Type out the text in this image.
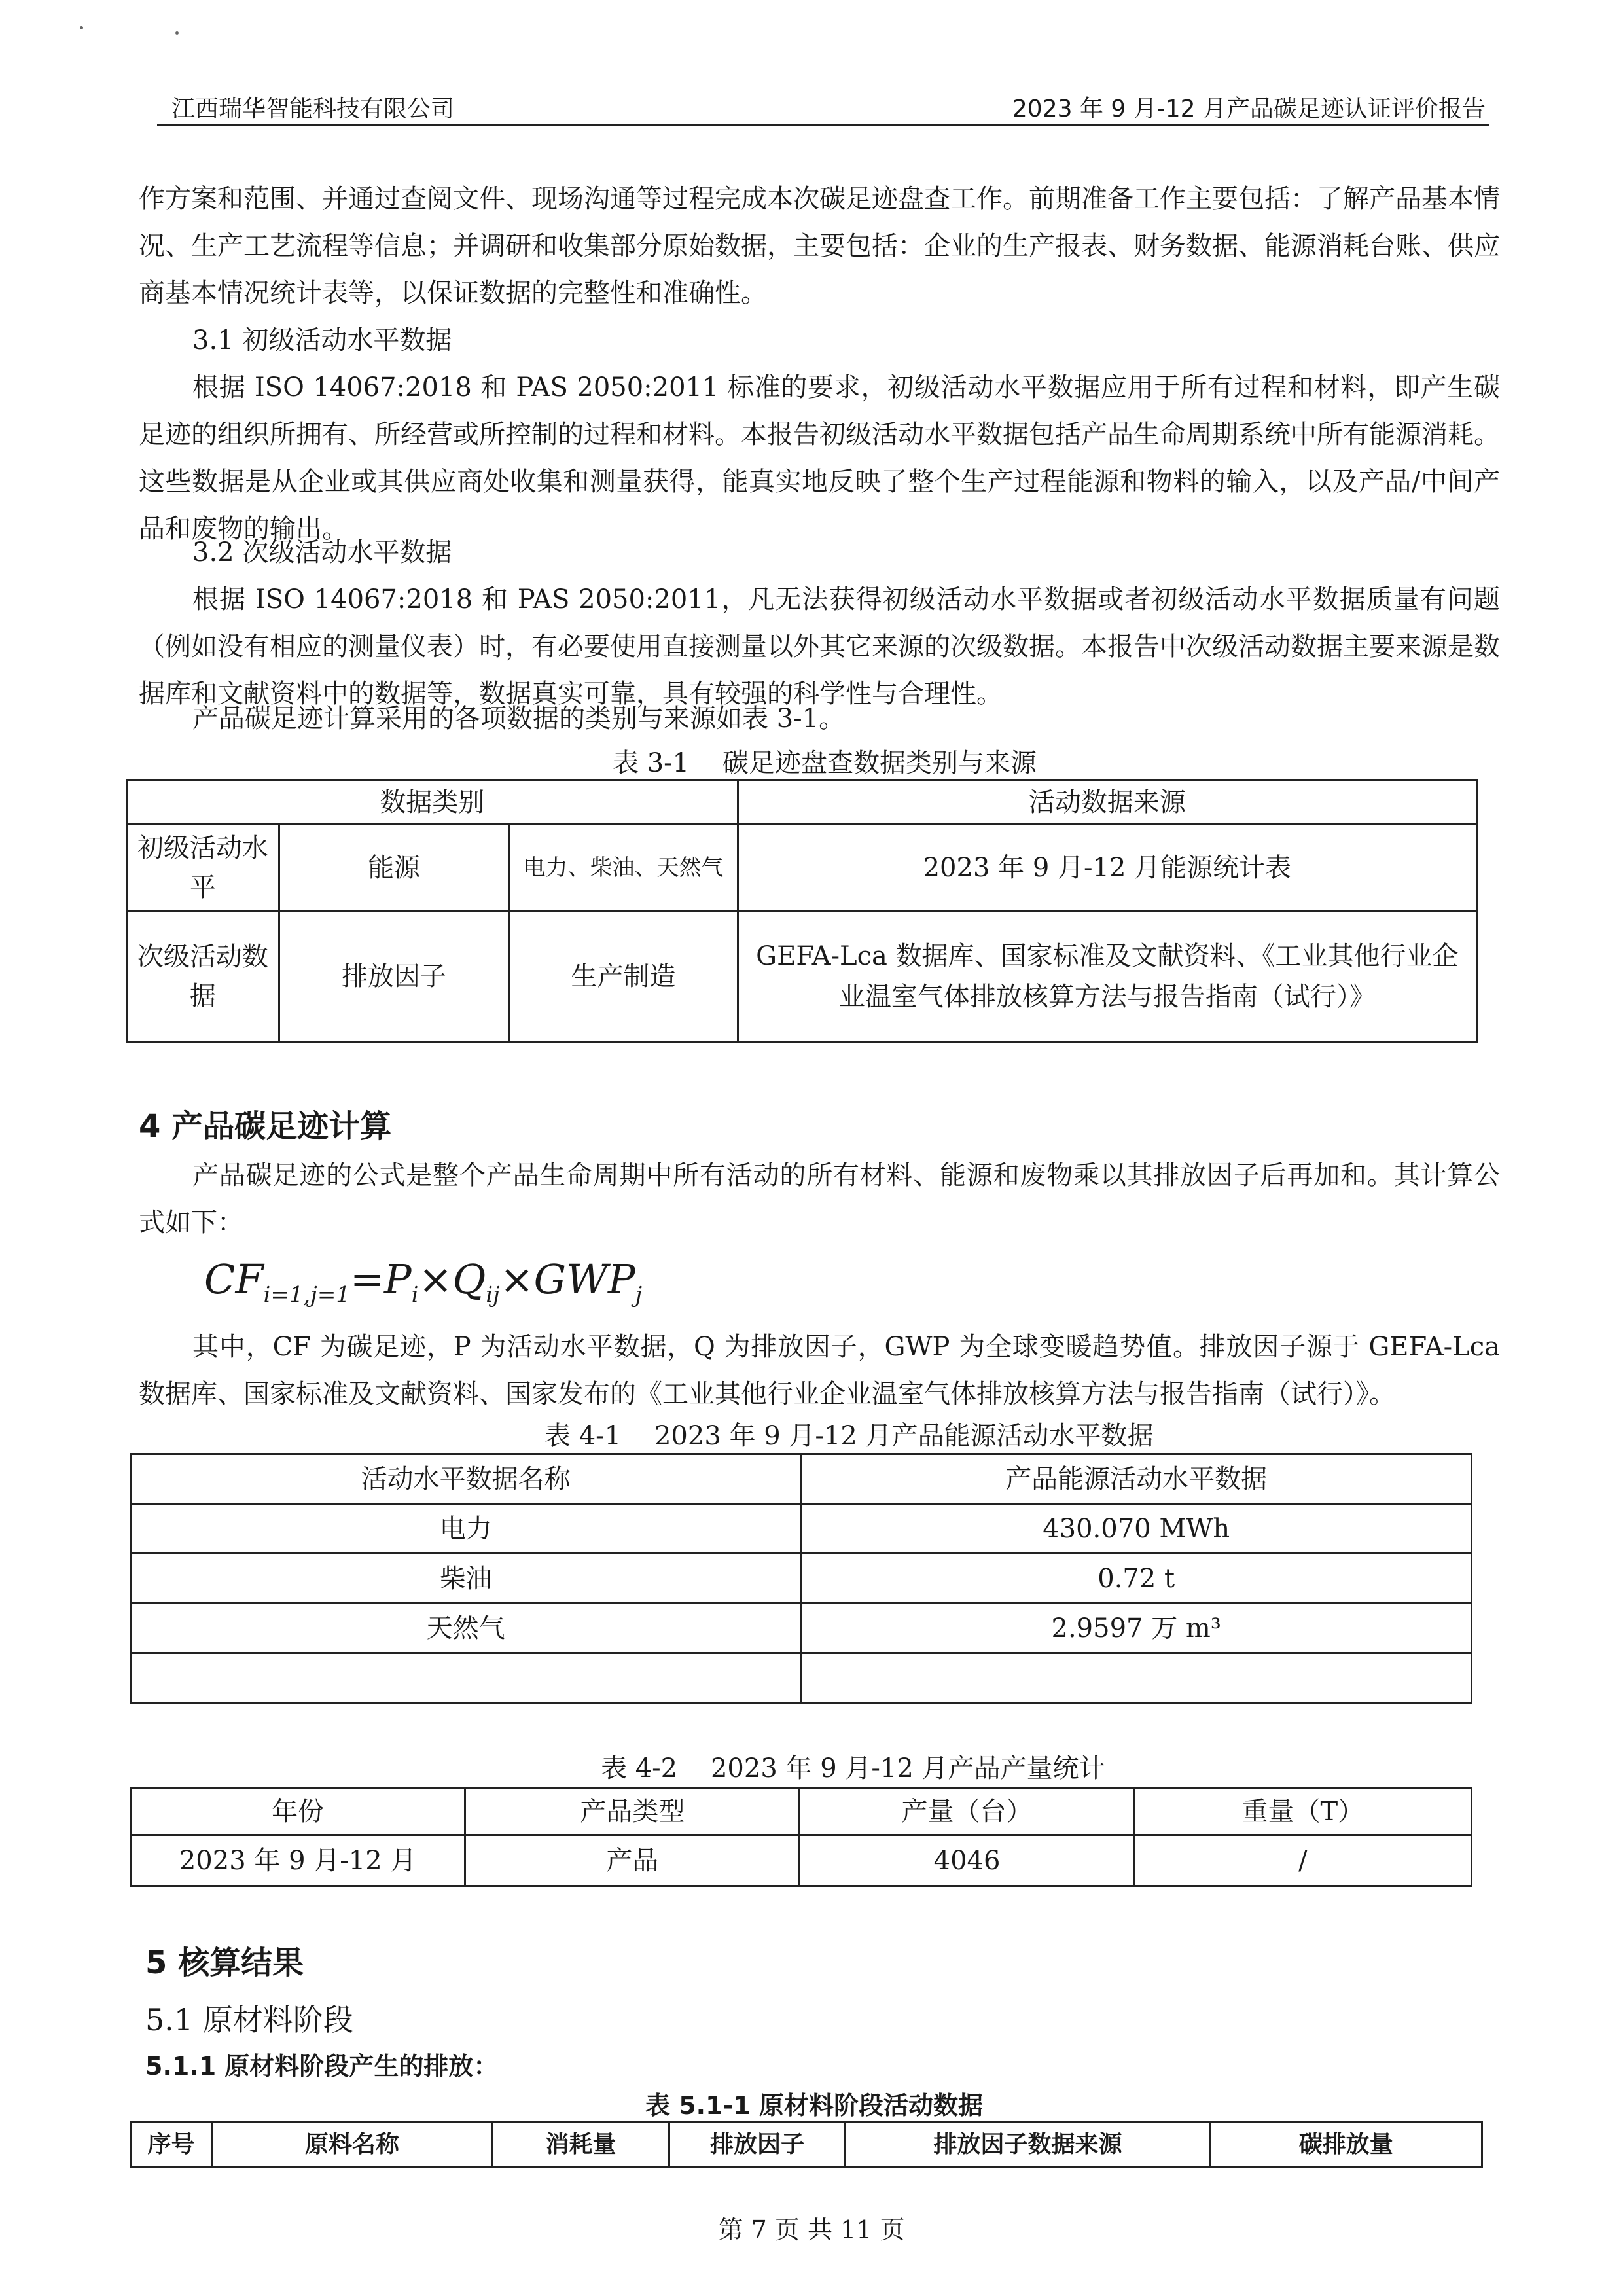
江西瑞华智能科技有限公司	2023 年 9 月-12 月产品碳足迹认证评价报告

作方案和范围、并通过查阅文件、现场沟通等过程完成本次碳足迹盘查工作。前期准备工作主要包括：了解产品基本情况、生产工艺流程等信息；并调研和收集部分原始数据，主要包括：企业的生产报表、财务数据、能源消耗台账、供应商基本情况统计表等，以保证数据的完整性和准确性。

3.1 初级活动水平数据

根据 ISO 14067:2018 和 PAS 2050:2011 标准的要求，初级活动水平数据应用于所有过程和材料，即产生碳足迹的组织所拥有、所经营或所控制的过程和材料。本报告初级活动水平数据包括产品生命周期系统中所有能源消耗。这些数据是从企业或其供应商处收集和测量获得，能真实地反映了整个生产过程能源和物料的输入，以及产品/中间产品和废物的输出。

3.2 次级活动水平数据

根据 ISO 14067:2018 和 PAS 2050:2011，凡无法获得初级活动水平数据或者初级活动水平数据质量有问题（例如没有相应的测量仪表）时，有必要使用直接测量以外其它来源的次级数据。本报告中次级活动数据主要来源是数据库和文献资料中的数据等，数据真实可靠，具有较强的科学性与合理性。

产品碳足迹计算采用的各项数据的类别与来源如表 3-1。

表 3-1    碳足迹盘查数据类别与来源
数据类别			活动数据来源
初级活动水平	能源	电力、柴油、天然气	2023 年 9 月-12 月能源统计表
次级活动数据	排放因子	生产制造	GEFA-Lca 数据库、国家标准及文献资料、《工业其他行业企业温室气体排放核算方法与报告指南（试行）》
4 产品碳足迹计算

产品碳足迹的公式是整个产品生命周期中所有活动的所有材料、能源和废物乘以其排放因子后再加和。其计算公式如下：

$CF_{i=1,j=1}=P_i\times Q_{ij}\times GWP_j$

其中，CF 为碳足迹，P 为活动水平数据，Q 为排放因子，GWP 为全球变暖趋势值。排放因子源于 GEFA-Lca 数据库、国家标准及文献资料、国家发布的《工业其他行业企业温室气体排放核算方法与报告指南（试行）》。

表 4-1    2023 年 9 月-12 月产品能源活动水平数据
活动水平数据名称	产品能源活动水平数据
电力	430.070 MWh
柴油	0.72 t
天然气	2.9597 万 m³

表 4-2    2023 年 9 月-12 月产品产量统计
年份	产品类型	产量（台）	重量（T）
2023 年 9 月-12 月	产品	4046	/
5 核算结果
5.1 原材料阶段
5.1.1 原材料阶段产生的排放：
表 5.1-1 原材料阶段活动数据
序号	原料名称	消耗量	排放因子	排放因子数据来源	碳排放量
第 7 页 共 11 页
